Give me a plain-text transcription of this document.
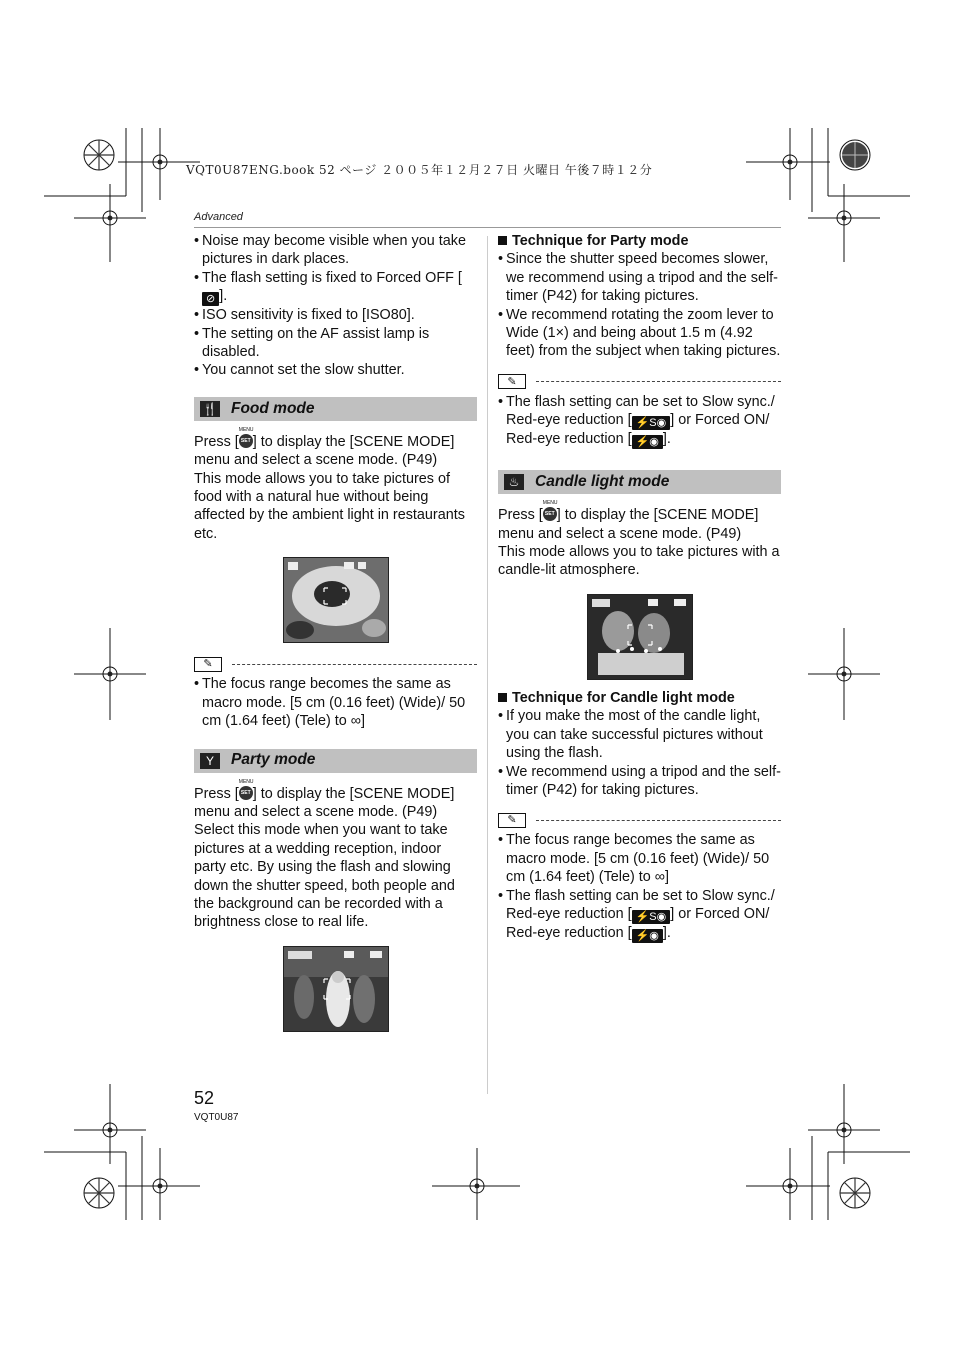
VQT0U87ENG.book 52 ページ ２００５年１２月２７日 火曜日 午後７時１２分
Advanced

• Noise may become visible when you take pictures in dark places.

• The flash setting is fixed to Forced OFF [⊘ ].

• ISO sensitivity is fixed to [ISO80].

• The setting on the AF assist lamp is disabled.

• You cannot set the slow shutter.

🍴 Food mode

Press [
MENU
SET ] to display the [SCENE MODE] menu and select a scene mode. (P49)

This mode allows you to take pictures of food with a natural hue without being affected by the ambient light in restaurants etc.

✎

• The focus range becomes the same as macro mode. [5 cm (0.16 feet) (Wide)/ 50 cm (1.64 feet) (Tele) to ∞]

Y	Party mode

Press [
MENU
SET ] to display the [SCENE MODE] menu and select a scene mode. (P49)

Select this mode when you want to take pictures at a wedding reception, indoor party etc. By using the flash and slowing down the shutter speed, both people and the background can be recorded with a brightness close to real life.

Technique for Party mode

• Since the shutter speed becomes slower, we recommend using a tripod and the self-timer (P42) for taking pictures.

• We recommend rotating the zoom lever to Wide (1×) and being about 1.5 m (4.92 feet) from the subject when taking pictures.

✎

• The flash setting can be set to Slow sync./ Red-eye reduction [ ⚡S◉ ] or Forced ON/ Red-eye reduction [ ⚡◉ ].

♨ Candle light mode

Press [
MENU
SET ] to display the [SCENE MODE] menu and select a scene mode. (P49)

This mode allows you to take pictures with a candle-lit atmosphere.

Technique for Candle light mode

• If you make the most of the candle light, you can take successful pictures without using the flash.

• We recommend using a tripod and the self-timer (P42) for taking pictures.

✎

• The focus range becomes the same as macro mode. [5 cm (0.16 feet) (Wide)/ 50 cm (1.64 feet) (Tele) to ∞]

• The flash setting can be set to Slow sync./ Red-eye reduction [ ⚡S◉ ] or Forced ON/ Red-eye reduction [ ⚡◉ ].

52
VQT0U87
